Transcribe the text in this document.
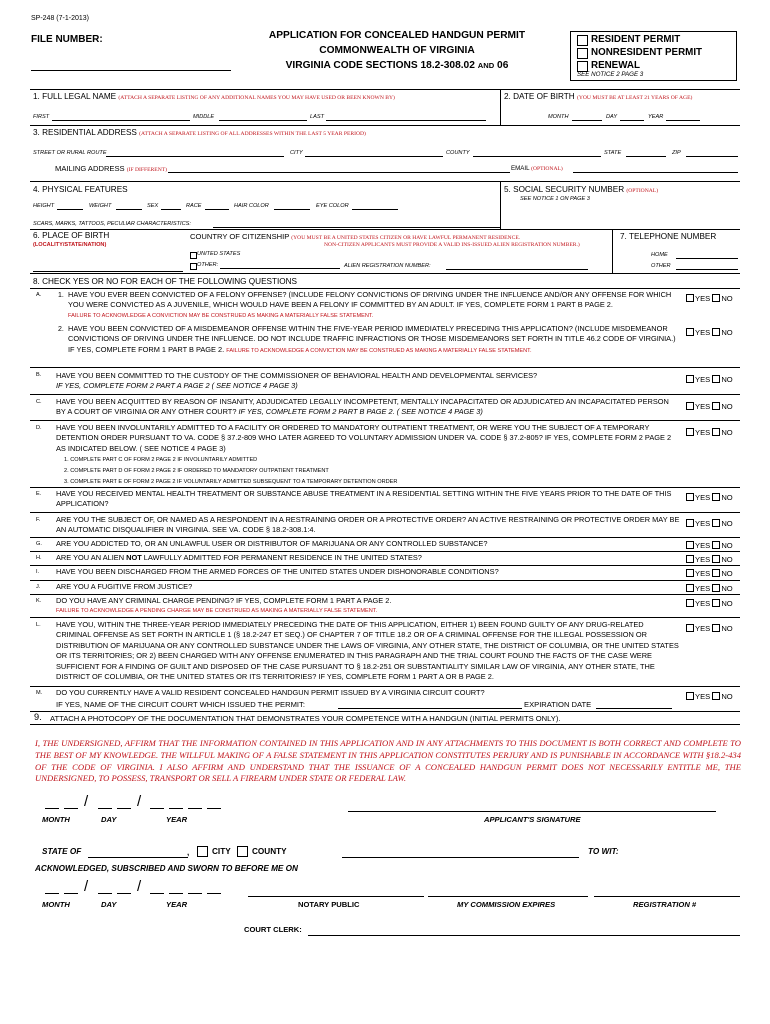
SP-248 (7-1-2013)
FILE NUMBER:	APPLICATION FOR CONCEALED HANDGUN PERMIT
COMMONWEALTH OF VIRGINIA
VIRGINIA CODE SECTIONS 18.2-308.02 AND 06
RESIDENT PERMIT
NONRESIDENT PERMIT
RENEWAL
SEE NOTICE 2 PAGE 3
1. FULL LEGAL NAME (ATTACH A SEPARATE LISTING OF ANY ADDITIONAL NAMES YOU MAY HAVE USED OR BEEN KNOWN BY)
FIRST	MIDDLE	LAST
2. DATE OF BIRTH (YOU MUST BE AT LEAST 21 YEARS OF AGE)
MONTH	DAY	YEAR
3. RESIDENTIAL ADDRESS (ATTACH A SEPARATE LISTING OF ALL ADDRESSES WITHIN THE LAST 5 YEAR PERIOD)
STREET OR RURAL ROUTE	CITY	COUNTY	STATE	ZIP
MAILING ADDRESS (IF DIFFERENT)	EMAIL (OPTIONAL)
4. PHYSICAL FEATURES
HEIGHT	WEIGHT	SEX	RACE	HAIR COLOR	EYE COLOR
SCARS, MARKS, TATTOOS, PECULIAR CHARACTERISTICS:
5. SOCIAL SECURITY NUMBER (OPTIONAL)
SEE NOTICE 1 ON PAGE 3
6. PLACE OF BIRTH
(LOCALITY/STATE/NATION)
COUNTRY OF CITIZENSHIP (YOU MUST BE A UNITED STATES CITIZEN OR HAVE LAWFUL PERMANENT RESIDENCE.
NON-CITIZEN APPLICANTS MUST PROVIDE A VALID INS-ISSUED ALIEN REGISTRATION NUMBER.)
UNITED STATES
OTHER:	ALIEN REGISTRATION NUMBER:
7. TELEPHONE NUMBER
HOME
OTHER
8. CHECK YES OR NO FOR EACH OF THE FOLLOWING QUESTIONS
A. 1. HAVE YOU EVER BEEN CONVICTED OF A FELONY OFFENSE? (INCLUDE FELONY CONVICTIONS OF DRIVING UNDER THE INFLUENCE AND/OR ANY OFFENSE FOR WHICH YOU WERE CONVICTED AS A JUVENILE, WHICH WOULD HAVE BEEN A FELONY IF COMMITTED BY AN ADULT. IF YES, COMPLETE FORM 1 PART B PAGE 2.
FAILURE TO ACKNOWLEDGE A CONVICTION MAY BE CONSTRUED AS MAKING A MATERIALLY FALSE STATEMENT.
YES NO
2. HAVE YOU BEEN CONVICTED OF A MISDEMEANOR OFFENSE WITHIN THE FIVE-YEAR PERIOD IMMEDIATELY PRECEDING THIS APPLICATION? (INCLUDE MISDEMEANOR CONVICTIONS OF DRIVING UNDER THE INFLUENCE. DO NOT INCLUDE TRAFFIC INFRACTIONS OR THOSE MISDEMEANORS SET FORTH IN TITLE 46.2 CODE OF VIRGINIA.) IF YES, COMPLETE FORM 1 PART B PAGE 2. FAILURE TO ACKNOWLEDGE A CONVICTION MAY BE CONSTRUED AS MAKING A MATERIALLY FALSE STATEMENT.
YES NO
B. HAVE YOU BEEN COMMITTED TO THE CUSTODY OF THE COMMISSIONER OF BEHAVIORAL HEALTH AND DEVELOPMENTAL SERVICES?
IF YES, COMPLETE FORM 2 PART A PAGE 2 ( SEE NOTICE 4 PAGE 3)
YES NO
C. HAVE YOU BEEN ACQUITTED BY REASON OF INSANITY, ADJUDICATED LEGALLY INCOMPETENT, MENTALLY INCAPACITATED OR ADJUDICATED AN INCAPACITATED PERSON BY A COURT OF VIRGINIA OR ANY OTHER COURT? IF YES, COMPLETE FORM 2 PART B PAGE 2. ( SEE NOTICE 4 PAGE 3)
YES NO
D. HAVE YOU BEEN INVOLUNTARILY ADMITTED TO A FACILITY OR ORDERED TO MANDATORY OUTPATIENT TREATMENT, OR WERE YOU THE SUBJECT OF A TEMPORARY DETENTION ORDER PURSUANT TO VA. CODE § 37.2-809 WHO LATER AGREED TO VOLUNTARY ADMISSION UNDER VA. CODE § 37.2-805? IF YES, COMPLETE FORM 2 PAGE 2 AS INDICATED BELOW. ( SEE NOTICE 4 PAGE 3)
YES NO
1. COMPLETE PART C OF FORM 2 PAGE 2 IF INVOLUNTARILY ADMITTED
2. COMPLETE PART D OF FORM 2 PAGE 2 IF ORDERED TO MANDATORY OUTPATIENT TREATMENT
3. COMPLETE PART E OF FORM 2 PAGE 2 IF VOLUNTARILY ADMITTED SUBSEQUENT TO A TEMPORARY DETENTION ORDER
E. HAVE YOU RECEIVED MENTAL HEALTH TREATMENT OR SUBSTANCE ABUSE TREATMENT IN A RESIDENTIAL SETTING WITHIN THE FIVE YEARS PRIOR TO THE DATE OF THIS APPLICATION?
YES NO
F. ARE YOU THE SUBJECT OF, OR NAMED AS A RESPONDENT IN A RESTRAINING ORDER OR A PROTECTIVE ORDER? AN ACTIVE RESTRAINING OR PROTECTIVE ORDER MAY BE AN AUTOMATIC DISQUALIFIER IN VIRGINIA. SEE VA. CODE § 18.2-308.1:4.
YES NO
G. ARE YOU ADDICTED TO, OR AN UNLAWFUL USER OR DISTRIBUTOR OF MARIJUANA OR ANY CONTROLLED SUBSTANCE?	YES NO
H. ARE YOU AN ALIEN NOT LAWFULLY ADMITTED FOR PERMANENT RESIDENCE IN THE UNITED STATES?	YES NO
I. HAVE YOU BEEN DISCHARGED FROM THE ARMED FORCES OF THE UNITED STATES UNDER DISHONORABLE CONDITIONS?	YES NO
J. ARE YOU A FUGITIVE FROM JUSTICE?	YES NO
K. DO YOU HAVE ANY CRIMINAL CHARGE PENDING? IF YES, COMPLETE FORM 1 PART A PAGE 2.
FAILURE TO ACKNOWLEDGE A PENDING CHARGE MAY BE CONSTRUED AS MAKING A MATERIALLY FALSE STATEMENT.
YES NO
L. HAVE YOU, WITHIN THE THREE-YEAR PERIOD IMMEDIATELY PRECEDING THE DATE OF THIS APPLICATION, EITHER 1) BEEN FOUND GUILTY OF ANY DRUG-RELATED CRIMINAL OFFENSE AS SET FORTH IN ARTICLE 1 (§ 18.2-247 ET SEQ.) OF CHAPTER 7 OF TITLE 18.2 OR OF A CRIMINAL OFFENSE FOR THE ILLEGAL POSSESSION OR DISTRIBUTION OF MARIJUANA OR ANY CONTROLLED SUBSTANCE UNDER THE LAWS OF VIRGINIA, ANY OTHER STATE, THE DISTRICT OF COLUMBIA, OR THE UNITED STATES OR ITS TERRITORIES; OR 2) BEEN CHARGED WITH ANY OFFENSE ENUMERATED IN THIS PARAGRAPH AND THE TRIAL COURT FOUND THE FACTS OF THE CASE WERE SUFFICIENT FOR A FINDING OF GUILT AND DISPOSED OF THE CASE PURSUANT TO § 18.2-251 OR SUBSTANTIALITY SIMILAR LAW OF VIRGINIA, ANY OTHER STATE, THE DISTRICT OF COLUMBIA, OR THE UNITED STATES OR ITS TERRITORIES? IF YES, COMPLETE FORM 1 PART A OR B PAGE 2.
YES NO
M. DO YOU CURRENTLY HAVE A VALID RESIDENT CONCEALED HANDGUN PERMIT ISSUED BY A VIRGINIA CIRCUIT COURT?
IF YES, NAME OF THE CIRCUIT COURT WHICH ISSUED THE PERMIT:	EXPIRATION DATE
YES NO
9. ATTACH A PHOTOCOPY OF THE DOCUMENTATION THAT DEMONSTRATES YOUR COMPETENCE WITH A HANDGUN (INITIAL PERMITS ONLY).
I, THE UNDERSIGNED, AFFIRM THAT THE INFORMATION CONTAINED IN THIS APPLICATION AND IN ANY ATTACHMENTS TO THIS DOCUMENT IS BOTH CORRECT AND COMPLETE TO THE BEST OF MY KNOWLEDGE. THE WILLFUL MAKING OF A FALSE STATEMENT IN THIS APPLICATION CONSTITUTES PERJURY AND IS PUNISHABLE IN ACCORDANCE WITH §18.2-434 OF THE CODE OF VIRGINIA. I ALSO AFFIRM AND UNDERSTAND THAT THE ISSUANCE OF A CONCEALED HANDGUN PERMIT DOES NOT NECESSARILY ENTITLE ME, THE UNDERSIGNED, TO POSSESS, TRANSPORT OR SELL A FIREARM UNDER STATE OR FEDERAL LAW.
/	/
MONTH	DAY	YEAR	APPLICANT'S SIGNATURE
STATE OF	,	CITY	COUNTY	TO WIT:
ACKNOWLEDGED, SUBSCRIBED AND SWORN TO BEFORE ME ON
/	/
MONTH	DAY	YEAR	NOTARY PUBLIC	MY COMMISSION EXPIRES	REGISTRATION #
COURT CLERK:
